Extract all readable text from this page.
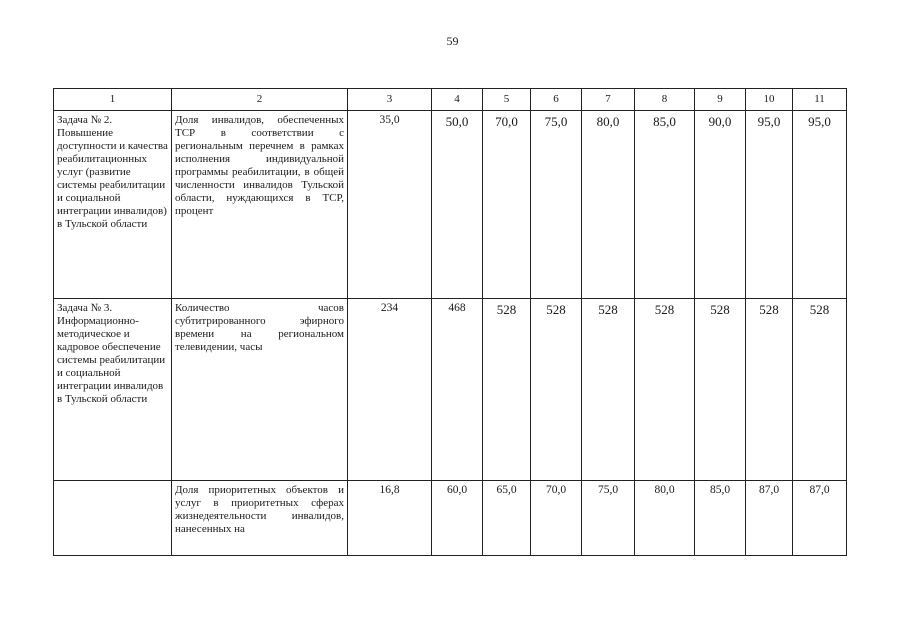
59
1	2	3	4	5	6	7	8	9	10	11
Задача № 2. Повышение доступности и качества реабилитационных услуг (развитие системы реабилитации и социальной интеграции инвалидов) в Тульской области	Доля инвалидов, обеспеченных ТСР в соответствии с региональным перечнем в рамках исполнения индивидуальной программы реабилитации, в общей численности инвалидов Тульской области, нуждающихся в ТСР, процент	35,0	50,0	70,0	75,0	80,0	85,0	90,0	95,0	95,0
Задача № 3. Информационно-методическое и кадровое обеспечение системы реабилитации и социальной интеграции инвалидов в Тульской области	Количество часов субтитрированного эфирного времени на региональном телевидении, часы	234	468	528	528	528	528	528	528	528

	Доля приоритетных объектов и услуг в приоритетных сферах жизнедеятельности инвалидов, нанесенных на	16,8	60,0	65,0	70,0	75,0	80,0	85,0	87,0	87,0
